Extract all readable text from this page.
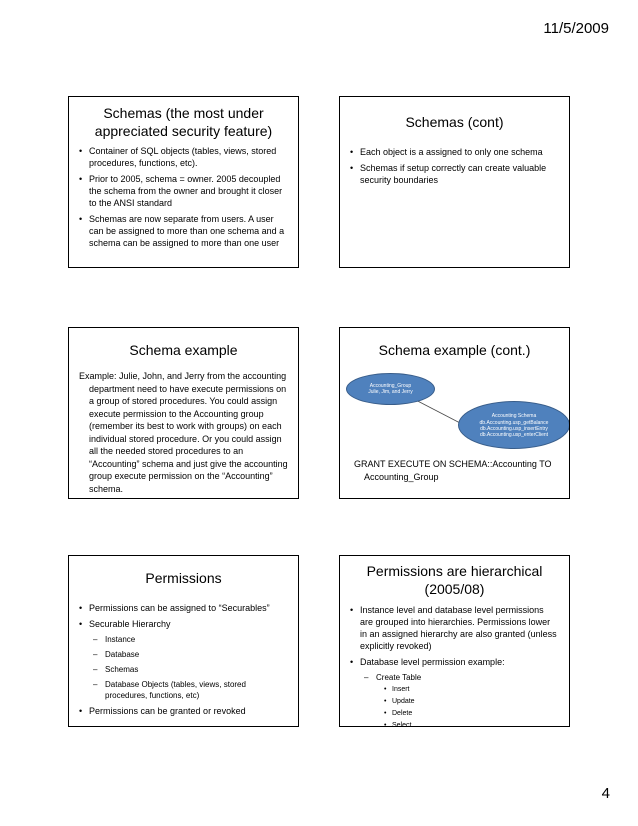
11/5/2009

Schemas (the most under appreciated security feature)

• Container of SQL objects (tables, views, stored procedures, functions, etc).
• Prior to 2005, schema = owner. 2005 decoupled the schema from the owner and brought it closer to the ANSI standard
• Schemas are now separate from users. A user can be assigned to more than one schema and a schema can be assigned to more than one user

Schemas (cont)

• Each object is a assigned to only one schema
• Schemas if setup correctly can create valuable security boundaries

Schema example

Example: Julie, John, and Jerry from the accounting department need to have execute permissions on a group of stored procedures. You could assign execute permission to the Accounting group (remember its best to work with groups) on each individual stored procedure. Or you could assign all the needed stored procedures to an “Accounting” schema and just give the accounting group execute permission on the “Accounting” schema.

Schema example (cont.)

Accounting_Group
Julie, Jim, and Jerry
Accounting Schema
db.Accounting.usp_getBalance
db.Accounting.usp_insertEntry
db.Accounting.usp_enterClient

GRANT EXECUTE ON SCHEMA::Accounting TO Accounting_Group

Permissions

• Permissions can be assigned to “Securables”
• Securable Hierarchy
– Instance
– Database
– Schemas
– Database Objects (tables, views, stored procedures, functions, etc)
• Permissions can be granted or revoked

Permissions are hierarchical (2005/08)

• Instance level and database level permissions are grouped into hierarchies. Permissions lower in an assigned hierarchy are also granted (unless explicitly revoked)
• Database level permission example:
– Create Table
• Insert
• Update
• Delete
• Select
4
